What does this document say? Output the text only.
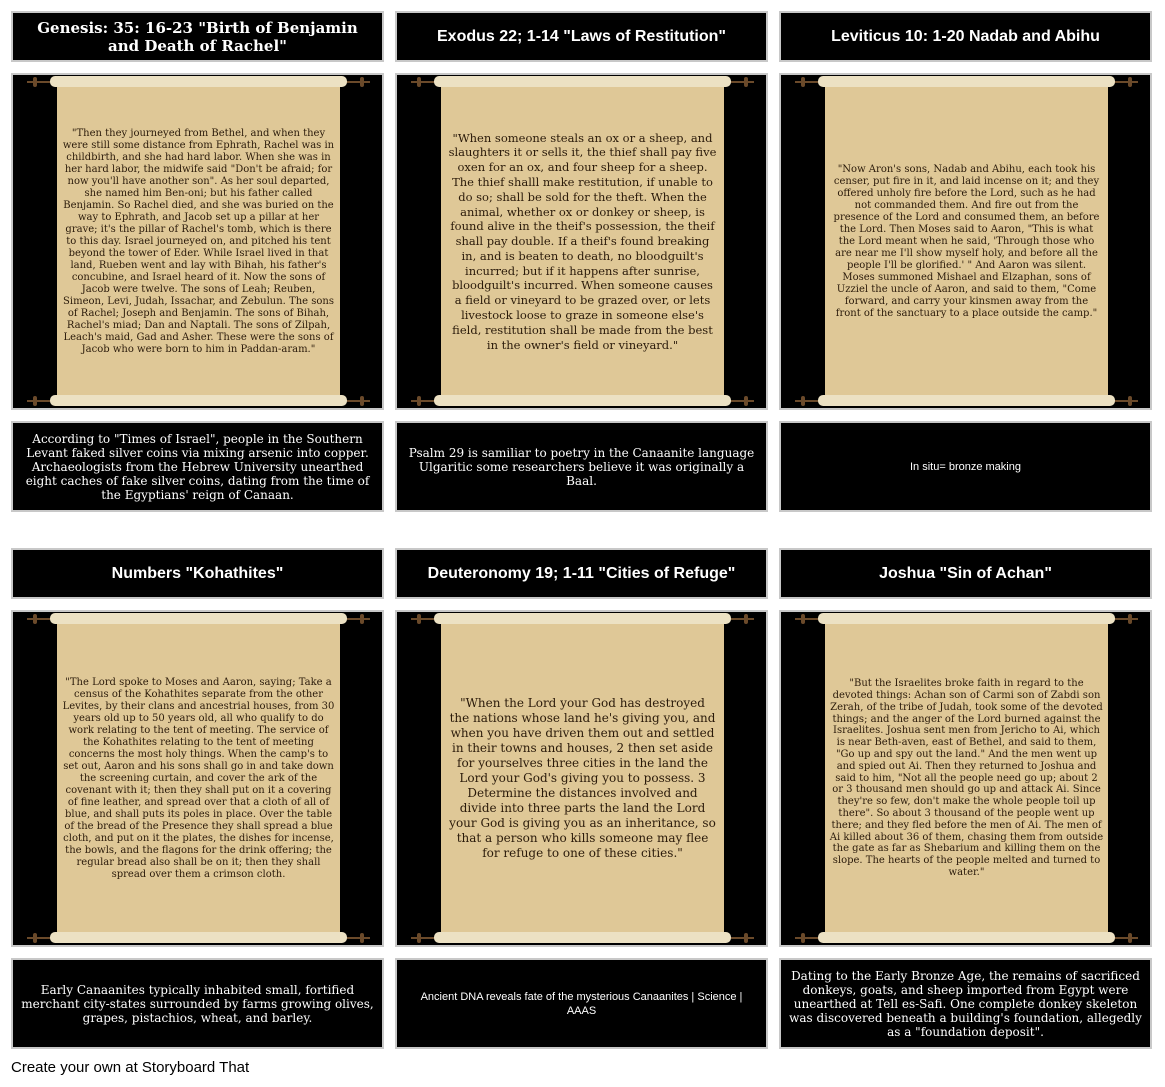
Genesis: 35: 16-23 "Birth of Benjamin and Death of Rachel"	Exodus 22; 1-14 "Laws of Restitution"	Leviticus 10: 1-20 Nadab and Abihu
"Then they journeyed from Bethel, and when they were still some distance from Ephrath, Rachel was in childbirth, and she had hard labor. When she was in her hard labor, the midwife said "Don't be afraid; for now you'll have another son". As her soul departed, she named him Ben-oni; but his father called Benjamin. So Rachel died, and she was buried on the way to Ephrath, and Jacob set up a pillar at her grave; it's the pillar of Rachel's tomb, which is there to this day. Israel journeyed on, and pitched his tent beyond the tower of Eder. While Israel lived in that land, Rueben went and lay with Bihah, his father's concubine, and Israel heard of it. Now the sons of Jacob were twelve. The sons of Leah; Reuben, Simeon, Levi, Judah, Issachar, and Zebulun. The sons of Rachel; Joseph and Benjamin. The sons of Bihah, Rachel's miad; Dan and Naptali. The sons of Zilpah, Leach's maid, Gad and Asher. These were the sons of Jacob who were born to him in Paddan-aram."
"When someone steals an ox or a sheep, and slaughters it or sells it, the thief shall pay five oxen for an ox, and four sheep for a sheep. The thief shalll make restitution, if unable to do so; shall be sold for the theft. When the animal, whether ox or donkey or sheep, is found alive in the theif's possession, the theif shall pay double. If a theif's found breaking in, and is beaten to death, no bloodguilt's incurred; but if it happens after sunrise, bloodguilt's incurred. When someone causes a field or vineyard to be grazed over, or lets livestock loose to graze in someone else's field, restitution shall be made from the best in the owner's field or vineyard."
"Now Aron's sons, Nadab and Abihu, each took his censer, put fire in it, and laid incense on it; and they offered unholy fire before the Lord, such as he had not commanded them. And fire out from the presence of the Lord and consumed them, an before the Lord. Then Moses said to Aaron, "This is what the Lord meant when he said, 'Through those who are near me I'll show myself holy, and before all the people I'll be glorified.' " And Aaron was silent. Moses summoned Mishael and Elzaphan, sons of Uzziel the uncle of Aaron, and said to them, "Come forward, and carry your kinsmen away from the front of the sanctuary to a place outside the camp."
According to "Times of Israel", people in the Southern Levant faked silver coins via mixing arsenic into copper. Archaeologists from the Hebrew University unearthed eight caches of fake silver coins, dating from the time of the Egyptians' reign of Canaan.
Psalm 29 is samiliar to poetry in the Canaanite language Ulgaritic some researchers believe it was originally a Baal.
In situ= bronze making
Numbers "Kohathites"	Deuteronomy 19; 1-11 "Cities of Refuge"	Joshua "Sin of Achan"
"The Lord spoke to Moses and Aaron, saying; Take a census of the Kohathites separate from the other Levites, by their clans and ancestrial houses, from 30 years old up to 50 years old, all who qualify to do work relating to the tent of meeting. The service of the Kohathites relating to the tent of meeting concerns the most holy things. When the camp's to set out, Aaron and his sons shall go in and take down the screening curtain, and cover the ark of the covenant with it; then they shall put on it a covering of fine leather, and spread over that a cloth of all of blue, and shall puts its poles in place. Over the table of the bread of the Presence they shall spread a blue cloth, and put on it the plates, the dishes for incense, the bowls, and the flagons for the drink offering; the regular bread also shall be on it; then they shall spread over them a crimson cloth.
"When the Lord your God has destroyed the nations whose land he's giving you, and when you have driven them out and settled in their towns and houses, 2 then set aside for yourselves three cities in the land the Lord your God's giving you to possess. 3 Determine the distances involved and divide into three parts the land the Lord your God is giving you as an inheritance, so that a person who kills someone may flee for refuge to one of these cities."
"But the Israelites broke faith in regard to the devoted things: Achan son of Carmi son of Zabdi son Zerah, of the tribe of Judah, took some of the devoted things; and the anger of the Lord burned against the Israelites. Joshua sent men from Jericho to Ai, which is near Beth-aven, east of Bethel, and said to them, "Go up and spy out the land." And the men went up and spied out Ai. Then they returned to Joshua and said to him, "Not all the people need go up; about 2 or 3 thousand men should go up and attack Ai. Since they're so few, don't make the whole people toil up there". So about 3 thousand of the people went up there; and they fled before the men of Ai. The men of Ai killed about 36 of them, chasing them from outside the gate as far as Shebarium and killing them on the slope. The hearts of the people melted and turned to water."
Early Canaanites typically inhabited small, fortified merchant city-states surrounded by farms growing olives, grapes, pistachios, wheat, and barley.
Ancient DNA reveals fate of the mysterious Canaanites | Science | AAAS
Dating to the Early Bronze Age, the remains of sacrificed donkeys, goats, and sheep imported from Egypt were unearthed at Tell es-Safi. One complete donkey skeleton was discovered beneath a building's foundation, allegedly as a "foundation deposit".
Create your own at Storyboard That
